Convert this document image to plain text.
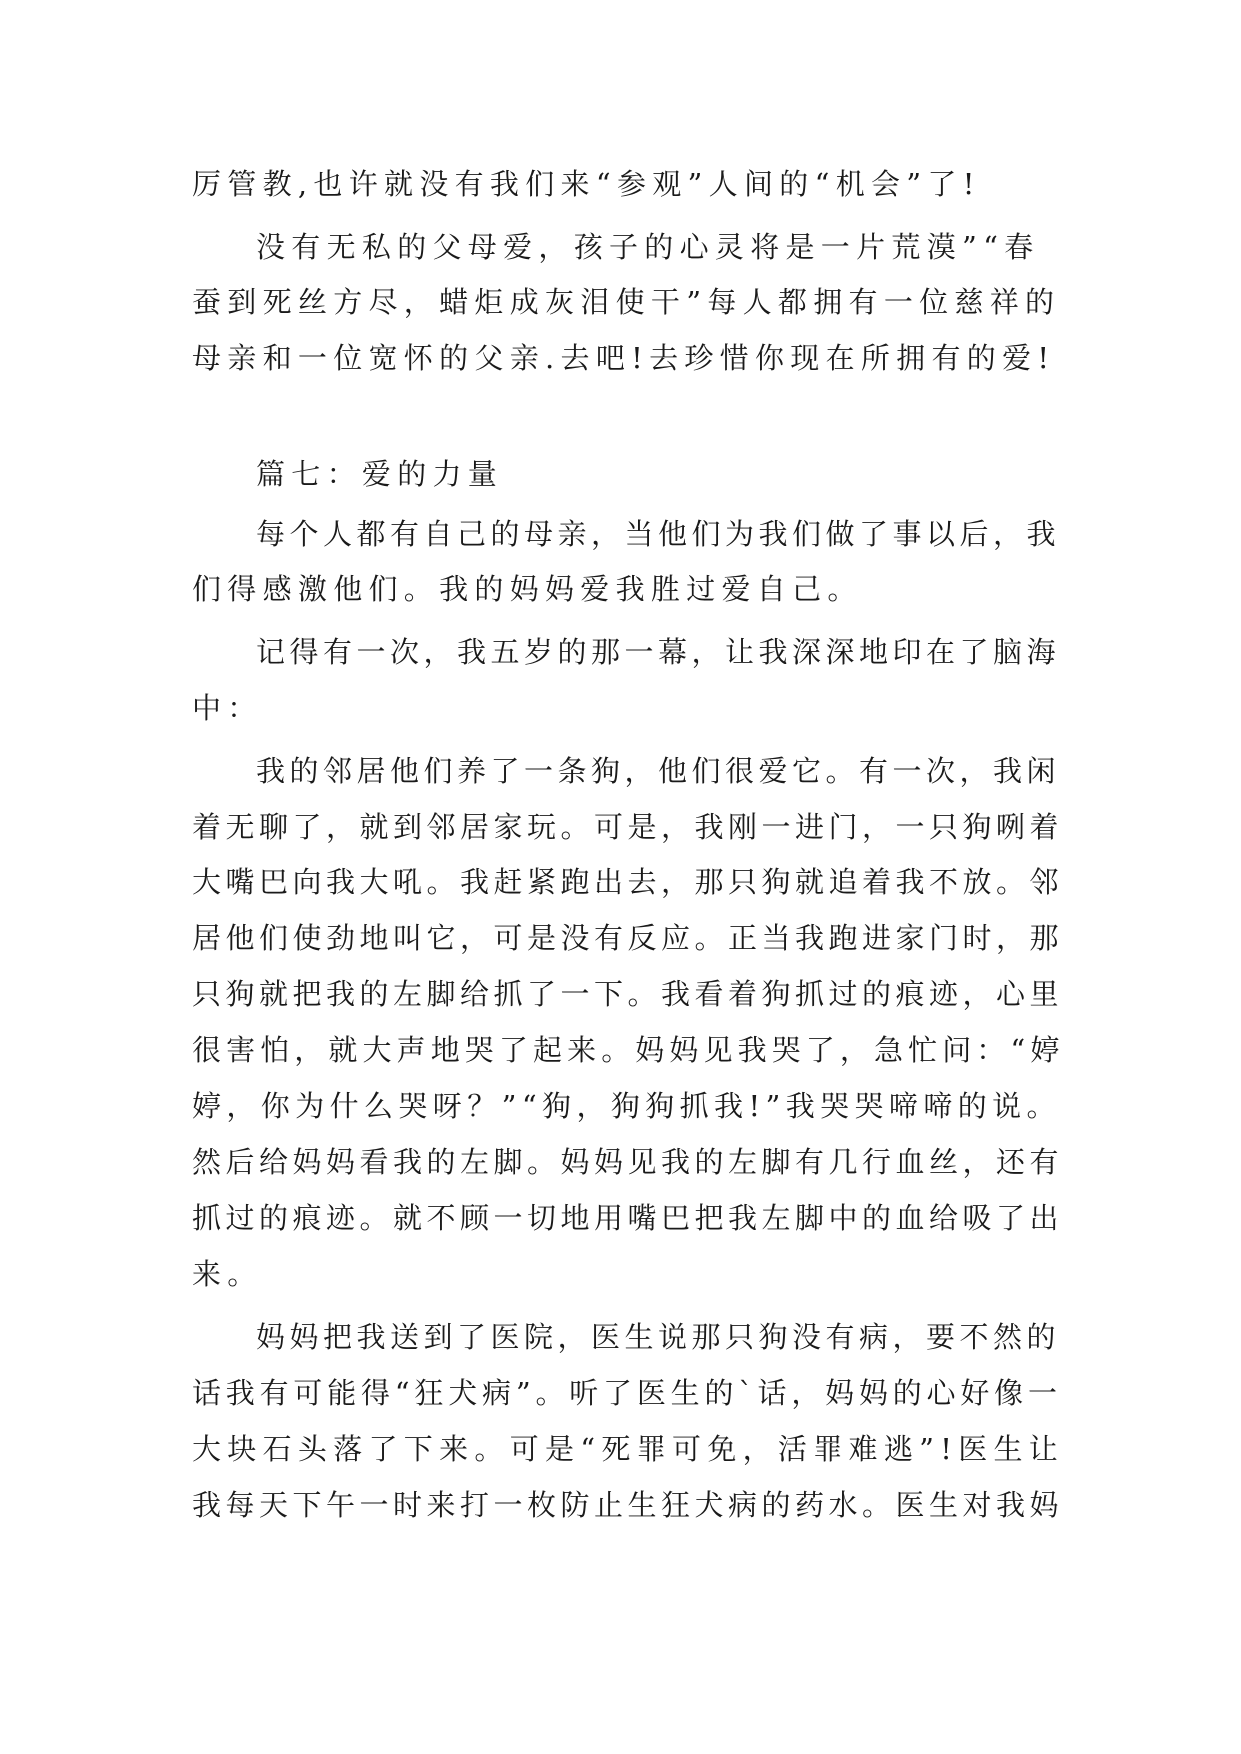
厉管教,也许就没有我们来“参观”人间的“机会”了!

没有无私的父母爱，孩子的心灵将是一片荒漠”“春

蚕到死丝方尽，蜡炬成灰泪使干”每人都拥有一位慈祥的

母亲和一位宽怀的父亲.去吧!去珍惜你现在所拥有的爱!

篇七：爱的力量

每个人都有自己的母亲，当他们为我们做了事以后，我

们得感激他们。我的妈妈爱我胜过爱自己。

记得有一次，我五岁的那一幕，让我深深地印在了脑海

中：

我的邻居他们养了一条狗，他们很爱它。有一次，我闲

着无聊了，就到邻居家玩。可是，我刚一进门，一只狗咧着

大嘴巴向我大吼。我赶紧跑出去，那只狗就追着我不放。邻

居他们使劲地叫它，可是没有反应。正当我跑进家门时，那

只狗就把我的左脚给抓了一下。我看着狗抓过的痕迹，心里

很害怕，就大声地哭了起来。妈妈见我哭了，急忙问：“婷

婷，你为什么哭呀？”“狗，狗狗抓我!”我哭哭啼啼的说。

然后给妈妈看我的左脚。妈妈见我的左脚有几行血丝，还有

抓过的痕迹。就不顾一切地用嘴巴把我左脚中的血给吸了出

来。

妈妈把我送到了医院，医生说那只狗没有病，要不然的

话我有可能得“狂犬病”。听了医生的`话，妈妈的心好像一

大块石头落了下来。可是“死罪可免，活罪难逃”!医生让

我每天下午一时来打一枚防止生狂犬病的药水。医生对我妈
